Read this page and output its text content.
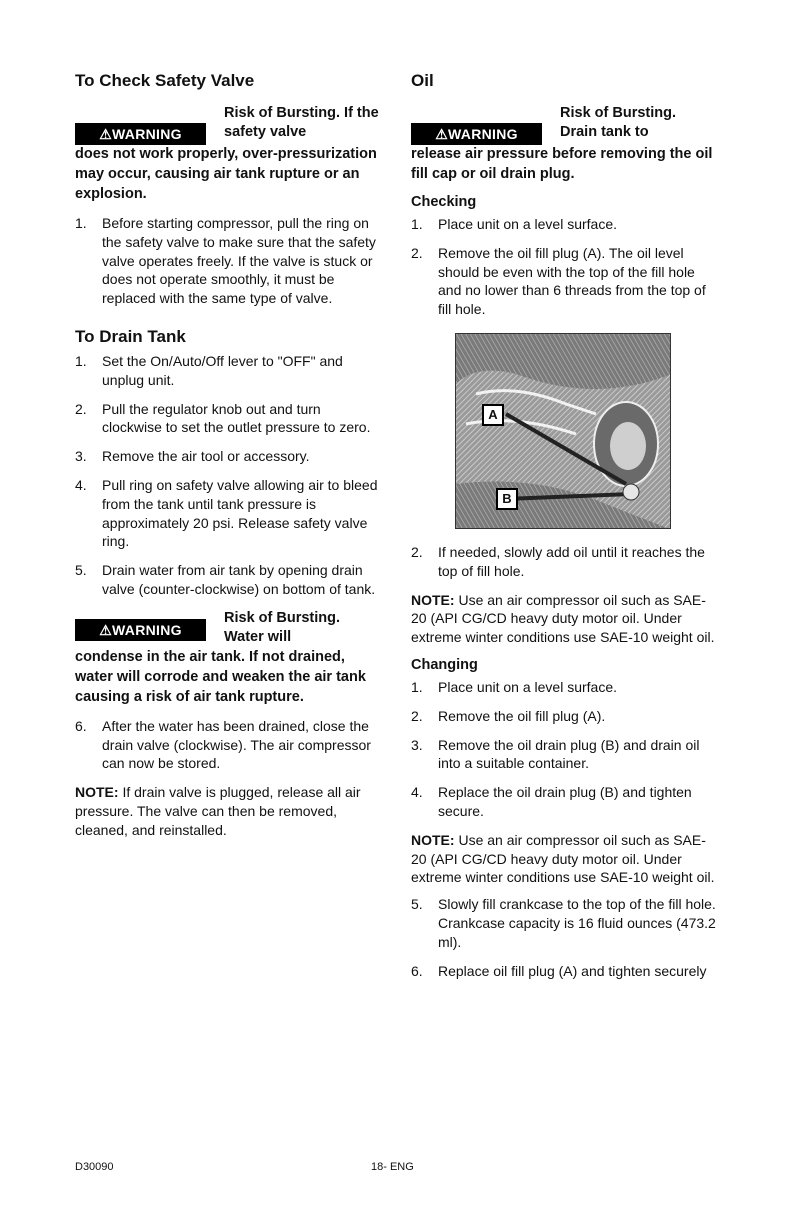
To Check Safety Valve
⚠WARNING
Risk of Bursting. If the safety valve
does not work properly, over-pressurization may occur, causing air tank rupture or an explosion.
1. Before starting compressor, pull the ring on the safety valve to make sure that the safety valve operates freely. If the valve is stuck or does not operate smoothly, it must be replaced with the same type of valve.
To Drain Tank
1. Set the On/Auto/Off lever to "OFF" and unplug unit.
2. Pull the regulator knob out and turn clockwise to set the outlet pressure to zero.
3. Remove the air tool or accessory.
4. Pull ring on safety valve allowing air to bleed from the tank until tank pressure is approximately 20 psi. Release safety valve ring.
5. Drain water from air tank by opening drain valve (counter-clockwise) on bottom of tank.
⚠WARNING
Risk of Bursting. Water will
condense in the air tank. If not drained, water will corrode and weaken the air tank causing a risk of air tank rupture.
6. After the water has been drained, close the drain valve (clockwise). The air compressor can now be stored.

NOTE: If drain valve is plugged, release all air pressure. The valve can then be removed, cleaned, and reinstalled.

Oil
⚠WARNING
Risk of Bursting. Drain tank to
release air pressure before removing the oil fill cap or oil drain plug.
Checking
1. Place unit on a level surface.
2. Remove the oil fill plug (A). The oil level should be even with the top of the fill hole and no lower than 6 threads from the top of fill hole.
A
B
2. If needed, slowly add oil until it reaches the top of fill hole.

NOTE: Use an air compressor oil such as SAE-20 (API CG/CD heavy duty motor oil. Under extreme winter conditions use SAE-10 weight oil.

Changing
1. Place unit on a level surface.
2. Remove the oil fill plug (A).
3. Remove the oil drain plug (B) and drain oil into a suitable container.
4. Replace the oil drain plug (B) and tighten secure.

NOTE: Use an air compressor oil such as SAE-20 (API CG/CD heavy duty motor oil. Under extreme winter conditions use SAE-10 weight oil.

5. Slowly fill crankcase to the top of the fill hole. Crankcase capacity is 16 fluid ounces (473.2 ml).
6. Replace oil fill plug (A) and tighten securely
D30090	18- ENG
